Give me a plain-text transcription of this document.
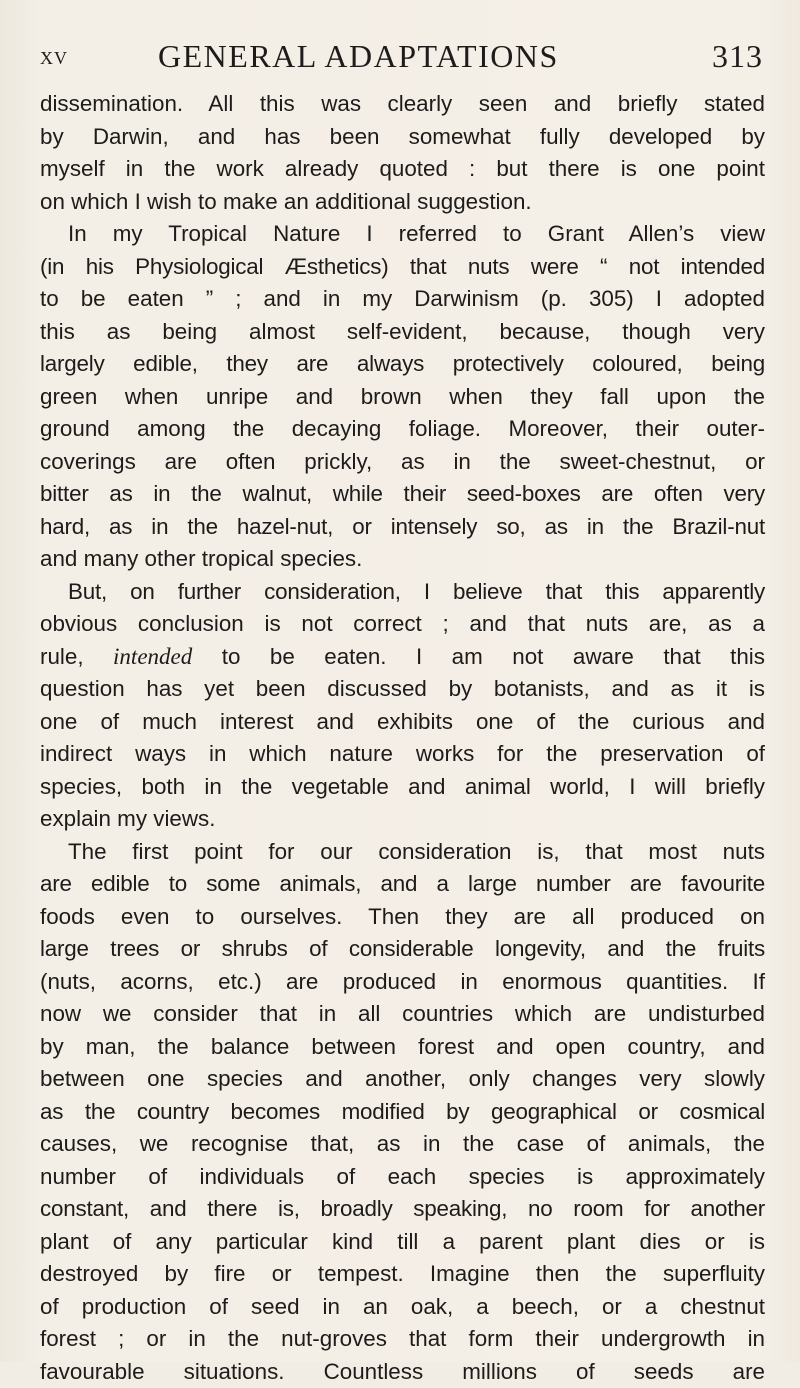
XV	GENERAL ADAPTATIONS	313
dissemination. All this was clearly seen and briefly stated
by Darwin, and has been somewhat fully developed by
myself in the work already quoted : but there is one point
on which I wish to make an additional suggestion.
In my Tropical Nature I referred to Grant Allen’s view
(in his Physiological Æsthetics) that nuts were “ not intended
to be eaten ” ; and in my Darwinism (p. 305) I adopted
this as being almost self-evident, because, though very
largely edible, they are always protectively coloured, being
green when unripe and brown when they fall upon the
ground among the decaying foliage. Moreover, their outer-
coverings are often prickly, as in the sweet-chestnut, or
bitter as in the walnut, while their seed-boxes are often very
hard, as in the hazel-nut, or intensely so, as in the Brazil-nut
and many other tropical species.
But, on further consideration, I believe that this apparently
obvious conclusion is not correct ; and that nuts are, as a
rule, intended to be eaten. I am not aware that this
question has yet been discussed by botanists, and as it is
one of much interest and exhibits one of the curious and
indirect ways in which nature works for the preservation of
species, both in the vegetable and animal world, I will briefly
explain my views.
The first point for our consideration is, that most nuts
are edible to some animals, and a large number are favourite
foods even to ourselves. Then they are all produced on
large trees or shrubs of considerable longevity, and the fruits
(nuts, acorns, etc.) are produced in enormous quantities. If
now we consider that in all countries which are undisturbed
by man, the balance between forest and open country, and
between one species and another, only changes very slowly
as the country becomes modified by geographical or cosmical
causes, we recognise that, as in the case of animals, the
number of individuals of each species is approximately
constant, and there is, broadly speaking, no room for another
plant of any particular kind till a parent plant dies or is
destroyed by fire or tempest. Imagine then the superfluity
of production of seed in an oak, a beech, or a chestnut
forest ; or in the nut-groves that form their undergrowth in
favourable situations. Countless millions of seeds are
